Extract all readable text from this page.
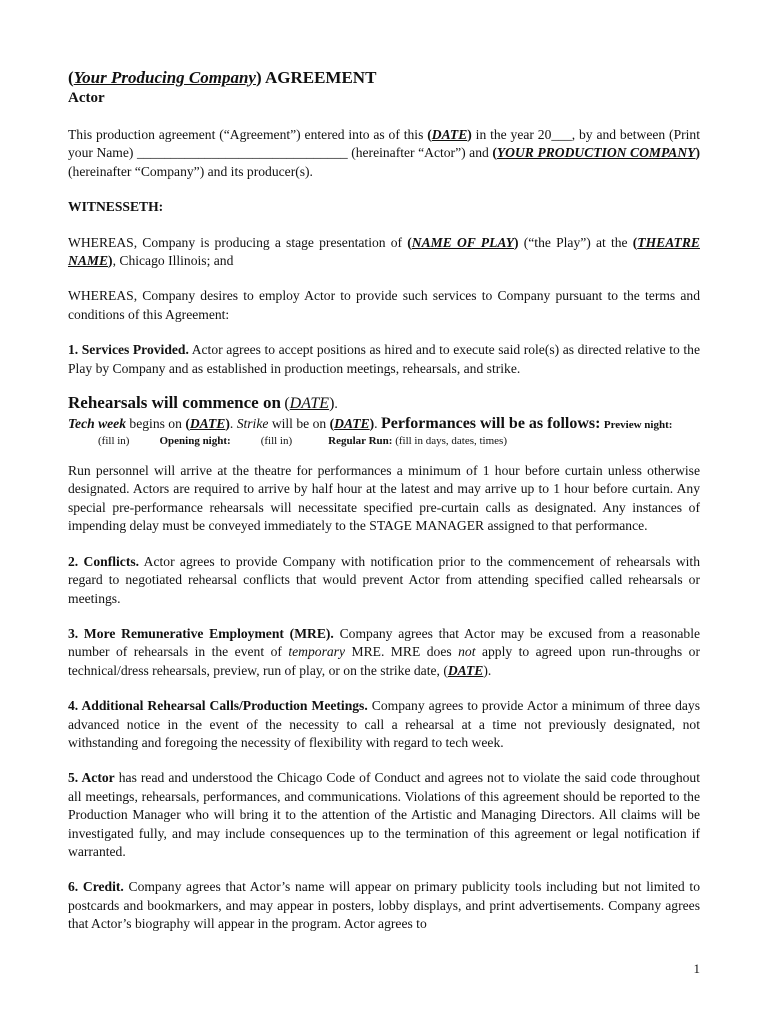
(Your Producing Company) AGREEMENT
Actor

This production agreement (“Agreement”) entered into as of this (DATE) in the year 20___, by and between (Print your Name) _______________________________ (hereinafter “Actor”) and (YOUR PRODUCTION COMPANY) (hereinafter “Company”) and its producer(s).

WITNESSETH:

WHEREAS, Company is producing a stage presentation of (NAME OF PLAY) (“the Play”) at the (THEATRE NAME), Chicago Illinois; and

WHEREAS, Company desires to employ Actor to provide such services to Company pursuant to the terms and conditions of this Agreement:

1. Services Provided. Actor agrees to accept positions as hired and to execute said role(s) as directed relative to the Play by Company and as established in production meetings, rehearsals, and strike.

Rehearsals will commence on (DATE).
Tech week begins on (DATE). Strike will be on (DATE). Performances will be as follows: Preview night:
(fill in)	Opening night:	(fill in)	Regular Run: (fill in days, dates, times)

Run personnel will arrive at the theatre for performances a minimum of 1 hour before curtain unless otherwise designated. Actors are required to arrive by half hour at the latest and may arrive up to 1 hour before curtain. Any special pre-performance rehearsals will necessitate specified pre-curtain calls as designated. Any instances of impending delay must be conveyed immediately to the STAGE MANAGER assigned to that performance.

2. Conflicts. Actor agrees to provide Company with notification prior to the commencement of rehearsals with regard to negotiated rehearsal conflicts that would prevent Actor from attending specified called rehearsals or meetings.

3. More Remunerative Employment (MRE). Company agrees that Actor may be excused from a reasonable number of rehearsals in the event of temporary MRE. MRE does not apply to agreed upon run-throughs or technical/dress rehearsals, preview, run of play, or on the strike date, (DATE).

4. Additional Rehearsal Calls/Production Meetings. Company agrees to provide Actor a minimum of three days advanced notice in the event of the necessity to call a rehearsal at a time not previously designated, not withstanding and foregoing the necessity of flexibility with regard to tech week.

5. Actor has read and understood the Chicago Code of Conduct and agrees not to violate the said code throughout all meetings, rehearsals, performances, and communications. Violations of this agreement should be reported to the Production Manager who will bring it to the attention of the Artistic and Managing Directors. All claims will be investigated fully, and may include consequences up to the termination of this agreement or legal notification if warranted.

6. Credit. Company agrees that Actor’s name will appear on primary publicity tools including but not limited to postcards and bookmarkers, and may appear in posters, lobby displays, and print advertisements. Company agrees that Actor’s biography will appear in the program. Actor agrees to

1
